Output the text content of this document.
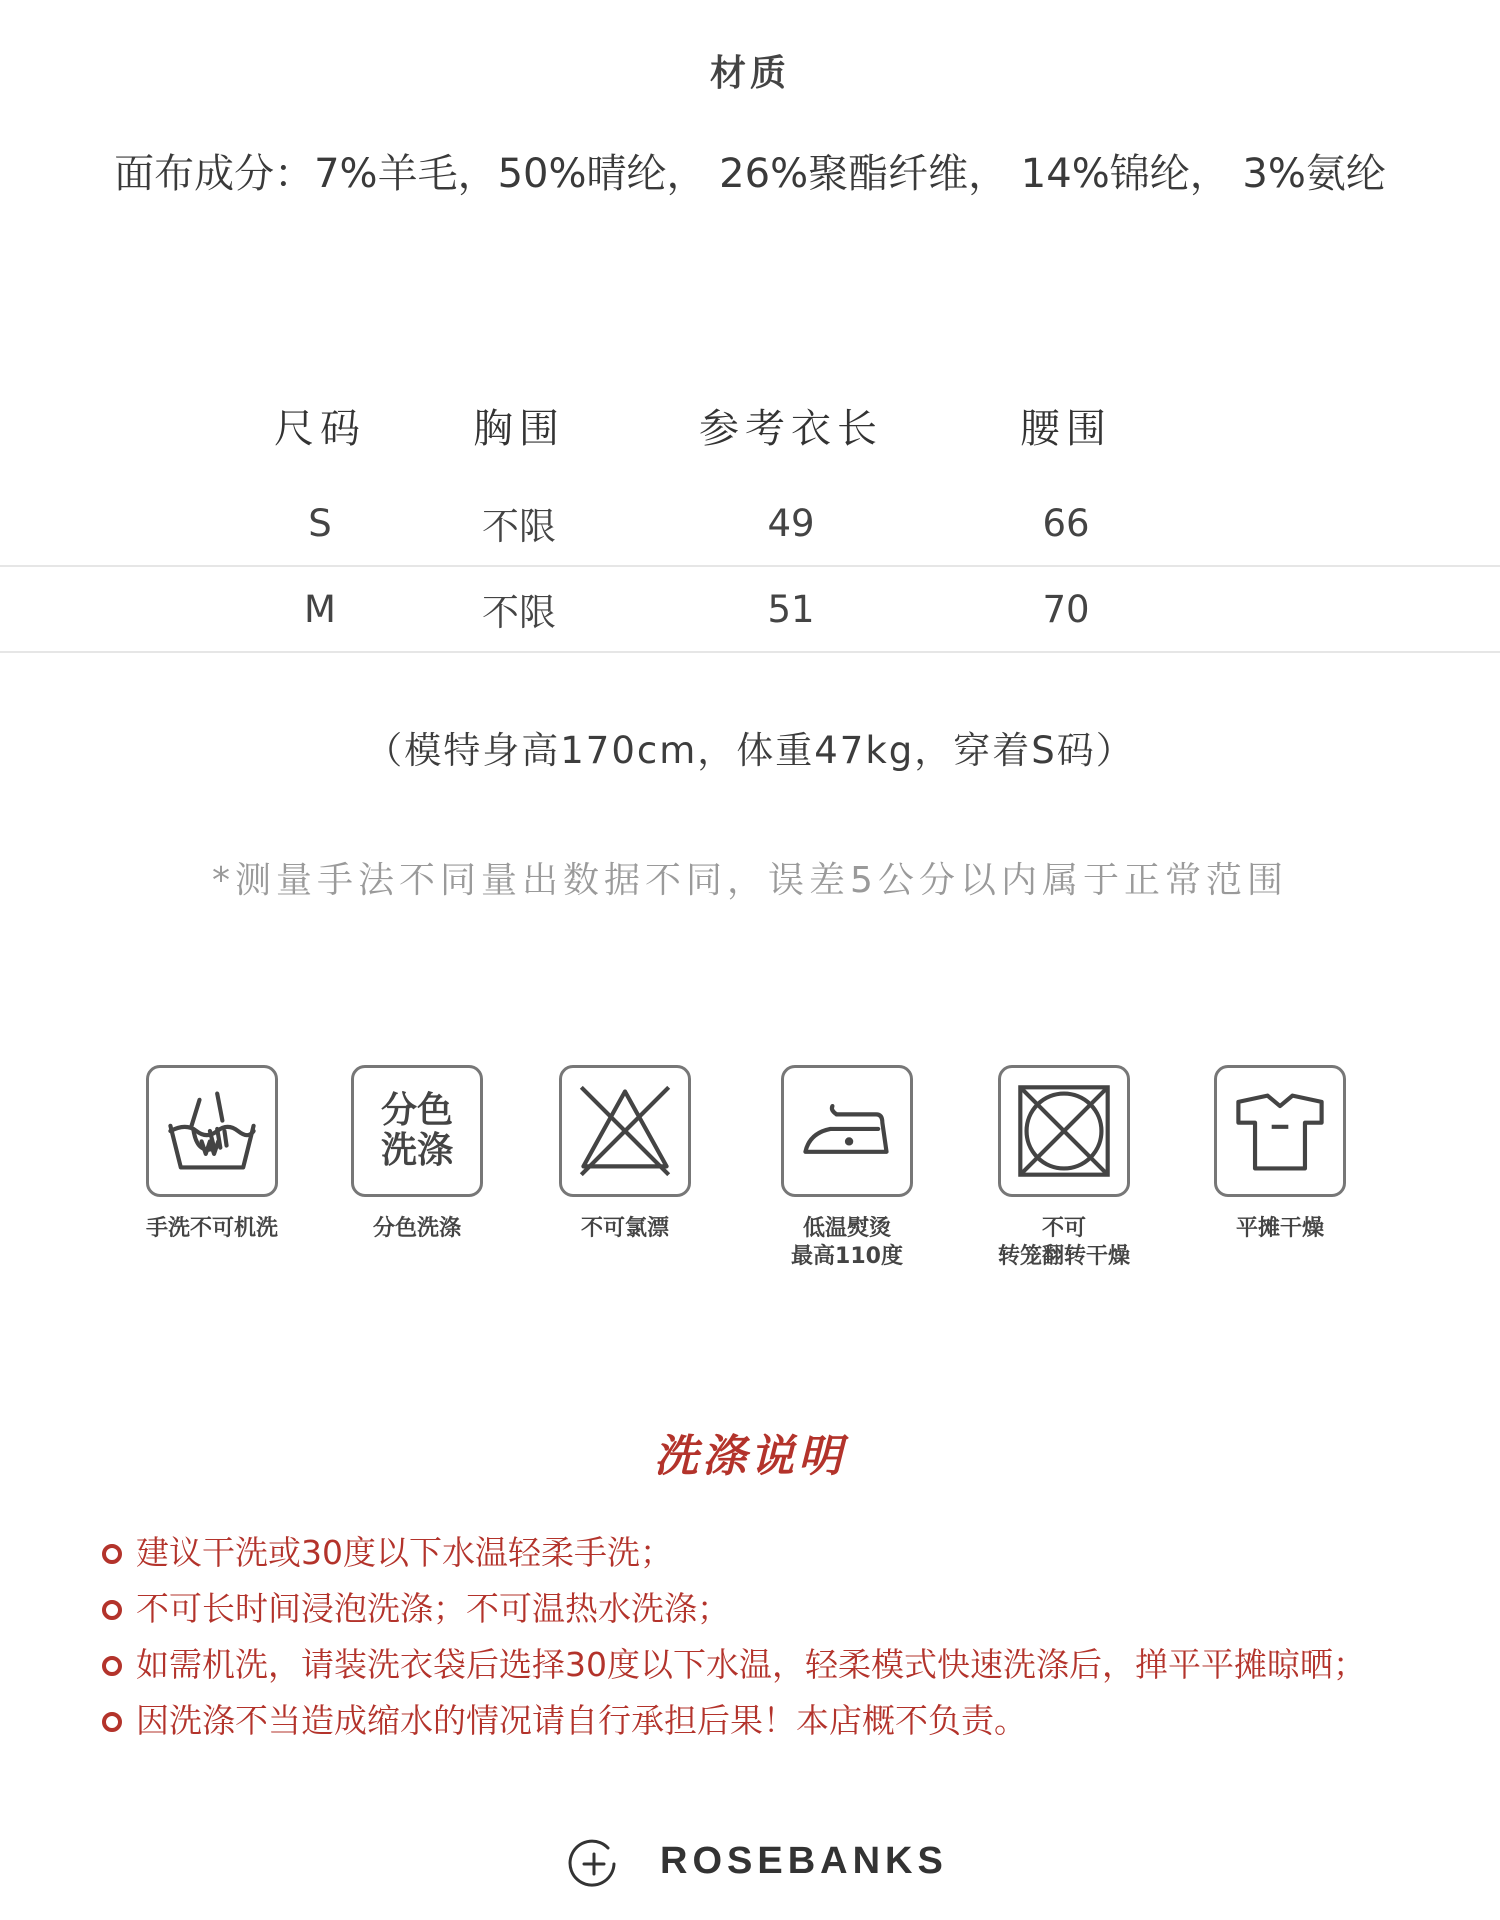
材质
面布成分：7%羊毛，50%晴纶， 26%聚酯纤维， 14%锦纶， 3%氨纶
尺码	胸围	参考衣长	腰围
S	不限	49	66
M	不限	51	70
（模特身高170cm，体重47kg，穿着S码）
*测量手法不同量出数据不同，误差5公分以内属于正常范围
手洗不可机洗
分色
洗涤
分色洗涤	不可氯漂	低温熨烫
最高110度
不可
转笼翻转干燥
平摊干燥
洗涤说明
建议干洗或30度以下水温轻柔手洗；
不可长时间浸泡洗涤；不可温热水洗涤；
如需机洗，请装洗衣袋后选择30度以下水温，轻柔模式快速洗涤后，掸平平摊晾晒；
因洗涤不当造成缩水的情况请自行承担后果！本店概不负责。
ROSEBANKS
